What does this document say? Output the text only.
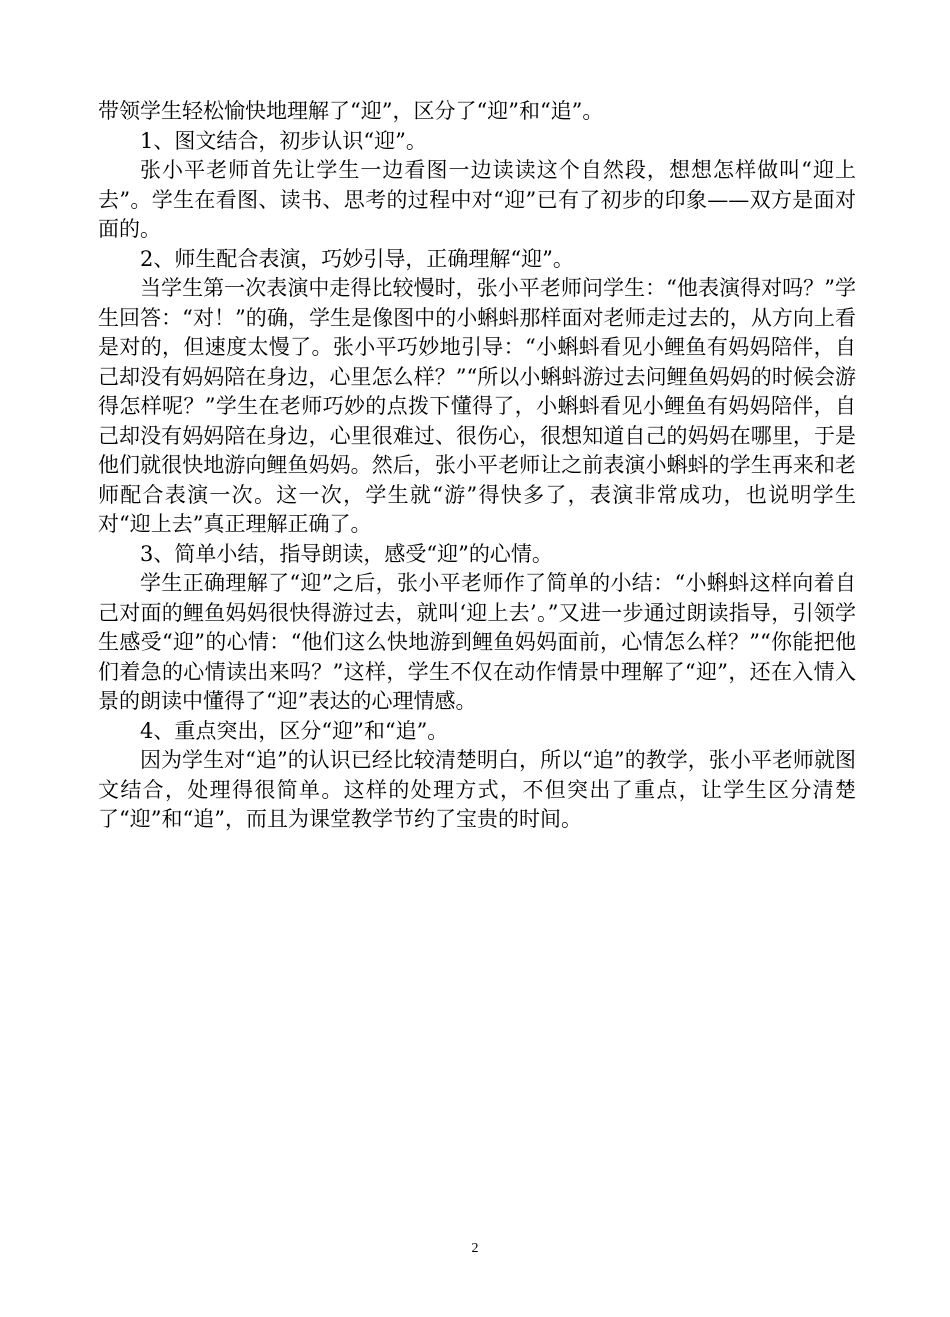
带领学生轻松愉快地理解了“迎”，区分了“迎”和“追”。

1、图文结合，初步认识“迎”。

张小平老师首先让学生一边看图一边读读这个自然段，想想怎样做叫“迎上去”。学生在看图、读书、思考的过程中对“迎”已有了初步的印象——双方是面对面的。

2、师生配合表演，巧妙引导，正确理解“迎”。

当学生第一次表演中走得比较慢时，张小平老师问学生：“他表演得对吗？”学生回答：“对！”的确，学生是像图中的小蝌蚪那样面对老师走过去的，从方向上看是对的，但速度太慢了。张小平巧妙地引导：“小蝌蚪看见小鲤鱼有妈妈陪伴，自己却没有妈妈陪在身边，心里怎么样？”“所以小蝌蚪游过去问鲤鱼妈妈的时候会游得怎样呢？”学生在老师巧妙的点拨下懂得了，小蝌蚪看见小鲤鱼有妈妈陪伴，自己却没有妈妈陪在身边，心里很难过、很伤心，很想知道自己的妈妈在哪里，于是他们就很快地游向鲤鱼妈妈。然后，张小平老师让之前表演小蝌蚪的学生再来和老师配合表演一次。这一次，学生就“游”得快多了，表演非常成功，也说明学生对“迎上去”真正理解正确了。

3、简单小结，指导朗读，感受“迎”的心情。

学生正确理解了“迎”之后，张小平老师作了简单的小结：“小蝌蚪这样向着自己对面的鲤鱼妈妈很快得游过去，就叫‘迎上去’。”又进一步通过朗读指导，引领学生感受“迎”的心情：“他们这么快地游到鲤鱼妈妈面前，心情怎么样？”“你能把他们着急的心情读出来吗？”这样，学生不仅在动作情景中理解了“迎”，还在入情入景的朗读中懂得了“迎”表达的心理情感。

4、重点突出，区分“迎”和“追”。

因为学生对“追”的认识已经比较清楚明白，所以“追”的教学，张小平老师就图文结合，处理得很简单。这样的处理方式，不但突出了重点，让学生区分清楚了“迎”和“追”，而且为课堂教学节约了宝贵的时间。

2
